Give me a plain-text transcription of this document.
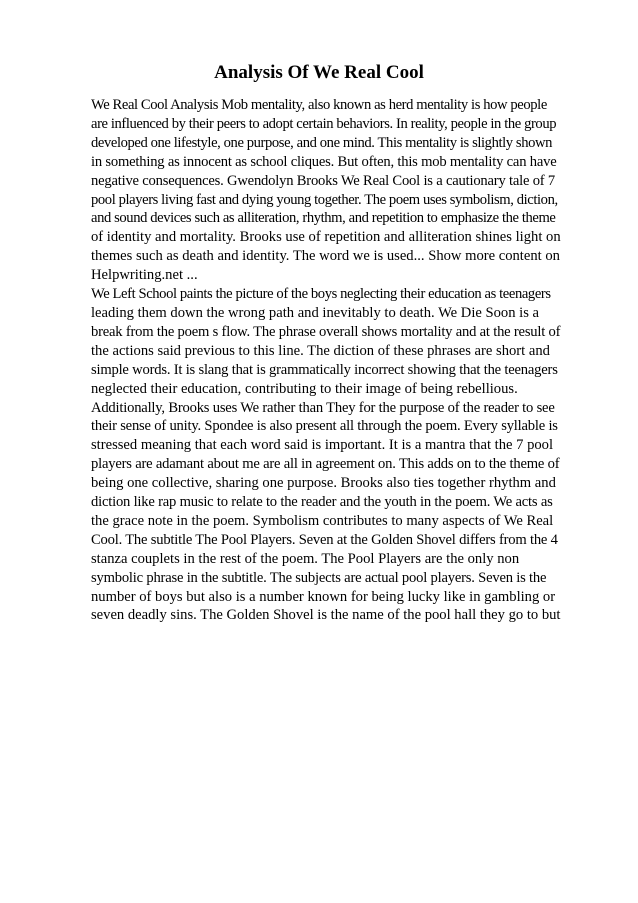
Analysis Of We Real Cool
We Real Cool Analysis Mob mentality, also known as herd mentality is how people
are influenced by their peers to adopt certain behaviors. In reality, people in the group
developed one lifestyle, one purpose, and one mind. This mentality is slightly shown
in something as innocent as school cliques. But often, this mob mentality can have
negative consequences. Gwendolyn Brooks We Real Cool is a cautionary tale of 7
pool players living fast and dying young together. The poem uses symbolism, diction,
and sound devices such as alliteration, rhythm, and repetition to emphasize the theme
of identity and mortality. Brooks use of repetition and alliteration shines light on
themes such as death and identity. The word we is used... Show more content on
Helpwriting.net ...
We Left School paints the picture of the boys neglecting their education as teenagers
leading them down the wrong path and inevitably to death. We Die Soon is a
break from the poem s flow. The phrase overall shows mortality and at the result of
the actions said previous to this line. The diction of these phrases are short and
simple words. It is slang that is grammatically incorrect showing that the teenagers
neglected their education, contributing to their image of being rebellious.
Additionally, Brooks uses We rather than They for the purpose of the reader to see
their sense of unity. Spondee is also present all through the poem. Every syllable is
stressed meaning that each word said is important. It is a mantra that the 7 pool
players are adamant about me are all in agreement on. This adds on to the theme of
being one collective, sharing one purpose. Brooks also ties together rhythm and
diction like rap music to relate to the reader and the youth in the poem. We acts as
the grace note in the poem. Symbolism contributes to many aspects of We Real
Cool. The subtitle The Pool Players. Seven at the Golden Shovel differs from the 4
stanza couplets in the rest of the poem. The Pool Players are the only non
symbolic phrase in the subtitle. The subjects are actual pool players. Seven is the
number of boys but also is a number known for being lucky like in gambling or
seven deadly sins. The Golden Shovel is the name of the pool hall they go to but
